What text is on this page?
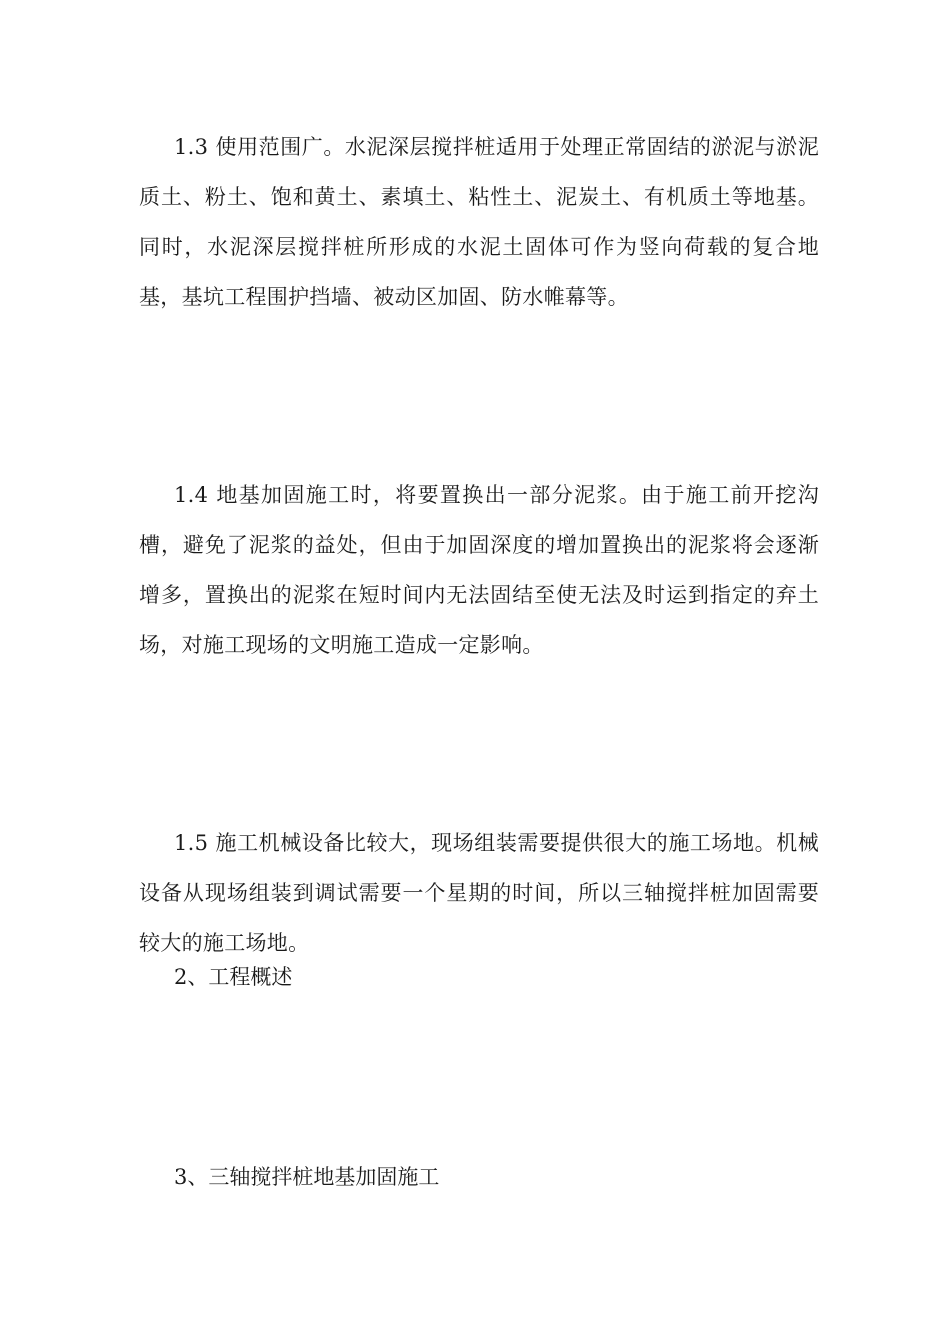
1.3 使用范围广。水泥深层搅拌桩适用于处理正常固结的淤泥与淤泥质土、粉土、饱和黄土、素填土、粘性土、泥炭土、有机质土等地基。同时，水泥深层搅拌桩所形成的水泥土固体可作为竖向荷载的复合地基，基坑工程围护挡墙、被动区加固、防水帷幕等。

1.4 地基加固施工时，将要置换出一部分泥浆。由于施工前开挖沟槽，避免了泥浆的益处，但由于加固深度的增加置换出的泥浆将会逐渐增多，置换出的泥浆在短时间内无法固结至使无法及时运到指定的弃土场，对施工现场的文明施工造成一定影响。

1.5 施工机械设备比较大，现场组装需要提供很大的施工场地。机械设备从现场组装到调试需要一个星期的时间，所以三轴搅拌桩加固需要较大的施工场地。

2、工程概述
3、三轴搅拌桩地基加固施工
